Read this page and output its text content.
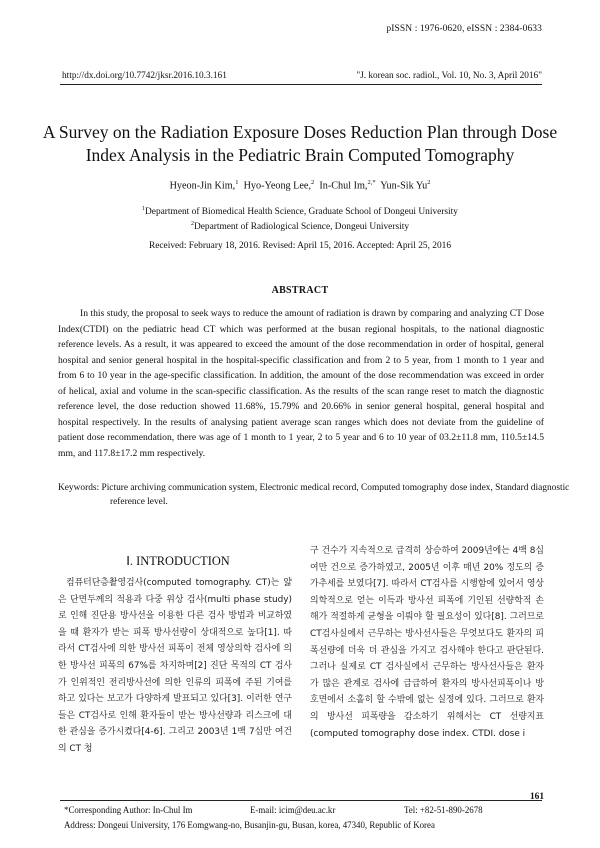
pISSN : 1976-0620, eISSN : 2384-0633
http://dx.doi.org/10.7742/jksr.2016.10.3.161	"J. korean soc. radiol., Vol. 10, No. 3, April 2016"
A Survey on the Radiation Exposure Doses Reduction Plan through Dose
Index Analysis in the Pediatric Brain Computed Tomography
Hyeon-Jin Kim,$^1$ Hyo-Yeong Lee,$^2$ In-Chul Im,$^{2,*}$ Yun-Sik Yu$^2$
$^1$Department of Biomedical Health Science, Graduate School of Dongeui University
$^2$Department of Radiological Science, Dongeui University
Received: February 18, 2016. Revised: April 15, 2016. Accepted: April 25, 2016
ABSTRACT
In this study, the proposal to seek ways to reduce the amount of radiation is drawn by comparing and analyzing CT Dose Index(CTDI) on the pediatric head CT which was performed at the busan regional hospitals, to the national diagnostic reference levels. As a result, it was appeared to exceed the amount of the dose recommendation in order of hospital, general hospital and senior general hospital in the hospital-specific classification and from 2 to 5 year, from 1 month to 1 year and from 6 to 10 year in the age-specific classification. In addition, the amount of the dose recommendation was exceed in order of helical, axial and volume in the scan-specific classification. As the results of the scan range reset to match the diagnostic reference level, the dose reduction showed 11.68%, 15.79% and 20.66% in senior general hospital, general hospital and hospital respectively. In the results of analysing patient average scan ranges which does not deviate from the guideline of patient dose recommendation, there was age of 1 month to 1 year, 2 to 5 year and 6 to 10 year of 03.2±11.8 mm, 110.5±14.5 mm, and 117.8±17.2 mm respectively.
Keywords: Picture archiving communication system, Electronic medical record, Computed tomography dose index, Standard diagnostic reference level.
Ⅰ. INTRODUCTION
컴퓨터단층촬영검사(computed tomography. CT)는 얇은 단면두께의 적용과 다중 위상 검사(multi phase study)로 인해 진단용 방사선을 이용한 다른 검사 방법과 비교하였을 때 환자가 받는 피폭 방사선량이 상대적으로 높다[1]. 따라서 CT검사에 의한 방사선 피폭이 전체 영상의학 검사에 의한 방사선 피폭의 67%를 차지하며[2] 진단 목적의 CT 검사가 인위적인 전리방사선에 의한 인류의 피폭에 주된 기여를 하고 있다는 보고가 다양하게 발표되고 있다[3]. 이러한 연구들은 CT검사로 인해 환자들이 받는 방사선량과 리스크에 대한 관심을 증가시켰다[4-6]. 그리고 2003년 1백 7십만 여건의 CT 청
구 건수가 지속적으로 급격히 상승하여 2009년에는 4백 8십여만 건으로 증가하였고, 2005년 이후 매년 20% 정도의 증가추세를 보였다[7]. 따라서 CT검사를 시행함에 있어서 영상 의학적으로 얻는 이득과 방사선 피폭에 기인된 선량학적 손해가 적절하게 균형을 이뤄야 할 필요성이 있다[8]. 그러므로 CT검사실에서 근무하는 방사선사들은 무엇보다도 환자의 피폭선량에 더욱 더 관심을 가지고 검사해야 한다고 판단된다. 그러나 실제로 CT 검사실에서 근무하는 방사선사들은 환자가 많은 관계로 검사에 급급하여 환자의 방사선피폭이나 방호면에서 소홀히 할 수밖에 없는 실정에 있다. 그러므로 환자의 방사선 피폭량을 감소하기 위해서는 CT 선량지표(computed tomography dose index. CTDI. dose i
161
*Corresponding Author: In-Chul Im	E-mail: icim@deu.ac.kr	Tel: +82-51-890-2678
Address: Dongeui University, 176 Eomgwang-no, Busanjin-gu, Busan, korea, 47340, Republic of Korea
